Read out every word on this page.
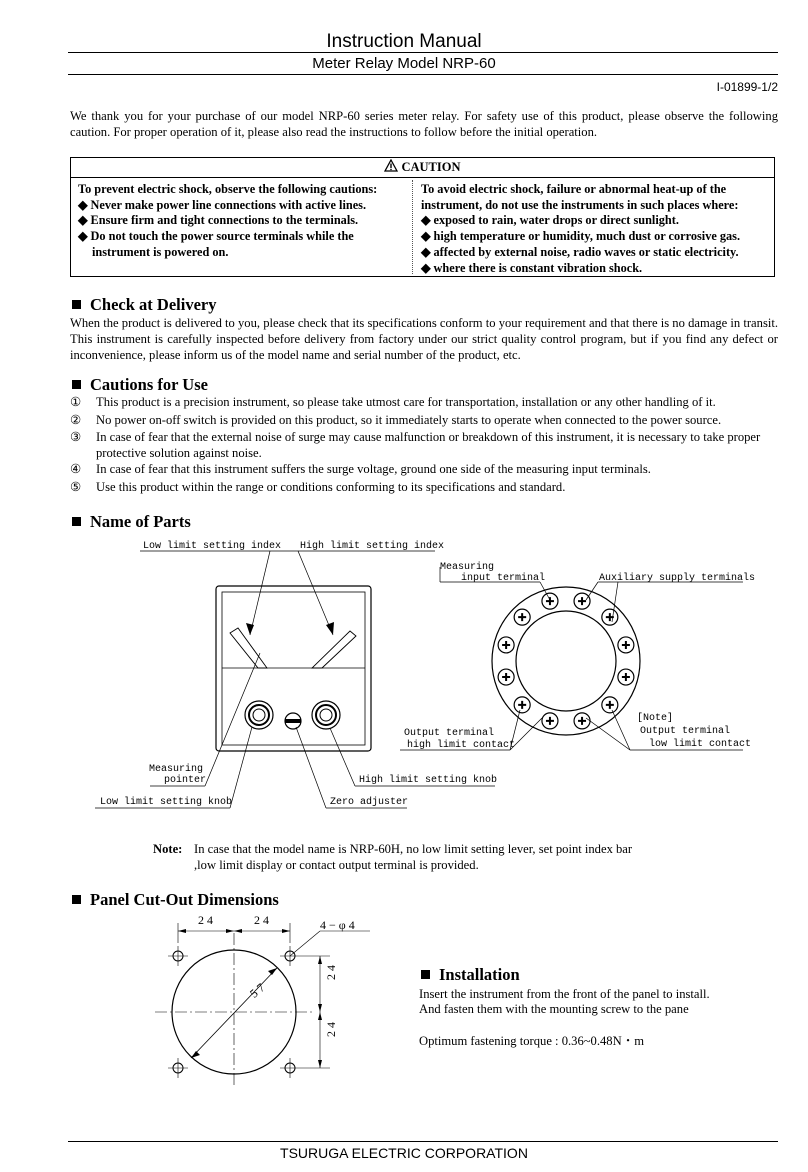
Instruction Manual
Meter Relay Model NRP-60
I-01899-1/2
We thank you for your purchase of our model NRP-60 series meter relay. For safety use of this product, please observe the following caution. For proper operation of it, please also read the instructions to follow before the initial operation.
CAUTION
To prevent electric shock, observe the following cautions:
◆ Never make power line connections with active lines.
◆ Ensure firm and tight connections to the terminals.
◆ Do not touch the power source terminals while the instrument is powered on.
To avoid electric shock, failure or abnormal heat-up of the instrument, do not use the instruments in such places where:
◆ exposed to rain, water drops or direct sunlight.
◆ high temperature or humidity, much dust or corrosive gas.
◆ affected by external noise, radio waves or static electricity.
◆ where there is constant vibration shock.
Check at Delivery
When the product is delivered to you, please check that its specifications conform to your requirement and that there is no damage in transit. This instrument is carefully inspected before delivery from factory under our strict quality control program, but if you find any defect or inconvenience, please inform us of the model name and serial number of the product, etc.
Cautions for Use
①	This product is a precision instrument, so please take utmost care for transportation, installation or any other handling of it.
②	No power on-off switch is provided on this product, so it immediately starts to operate when connected to the power source.
③	In case of fear that the external noise of surge may cause malfunction or breakdown of this instrument, it is necessary to take proper protective solution against noise.
④	In case of fear that this instrument suffers the surge voltage, ground one side of the measuring input terminals.
⑤	Use this product within the range or conditions conforming to its specifications and standard.
Name of Parts
Low limit setting index High limit setting index
Measuring
pointer
Low limit setting knob	Zero adjuster
High limit setting knob
Measuring
input terminal	Auxiliary supply terminals
Output terminal
high limit contact
[Note]
Output terminal
low limit contact
Note: In case that the model name is NRP-60H, no low limit setting lever, set point index bar ,low limit display or contact output terminal is provided.
Panel Cut-Out Dimensions
2 4	2 4	4 − φ 4
5 7
2 4
2 4
Installation
Insert the instrument from the front of the panel to install.
And fasten them with the mounting screw to the pane
Optimum fastening torque : 0.36~0.48N・m
TSURUGA ELECTRIC CORPORATION
